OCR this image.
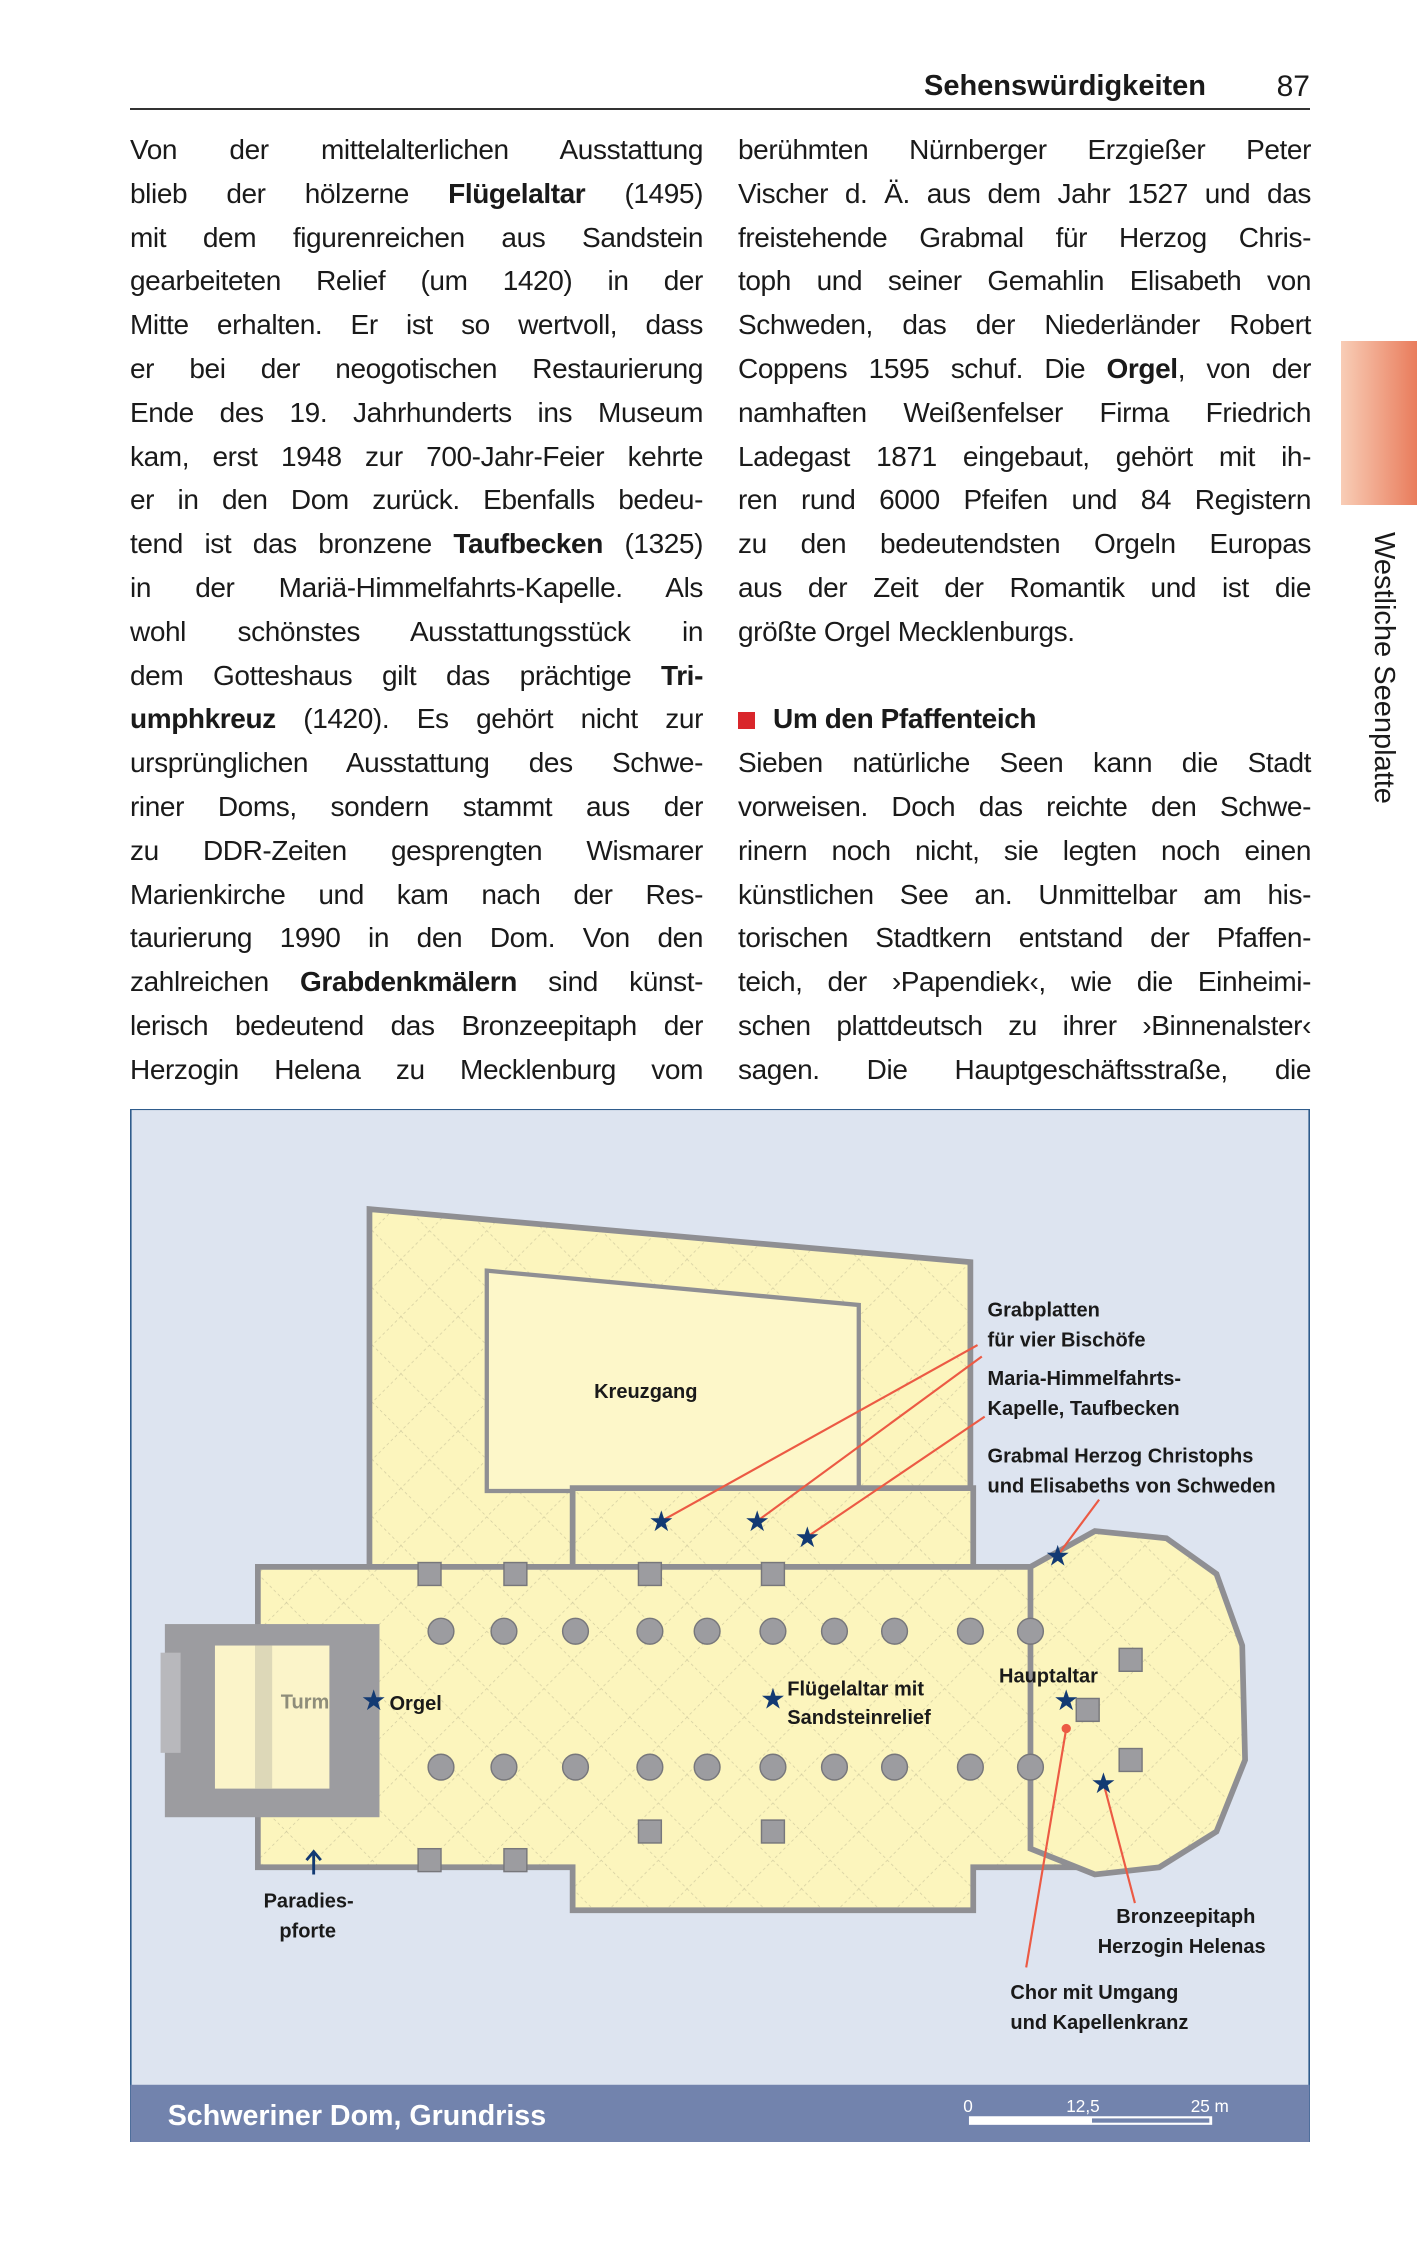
Sehenswürdigkeiten 87
Von der mittelalterlichen Ausstattung
blieb der hölzerne Flügelaltar (1495)
mit dem figurenreichen aus Sandstein
gearbeiteten Relief (um 1420) in der
Mitte erhalten. Er ist so wertvoll, dass
er bei der neogotischen Restaurierung
Ende des 19. Jahrhunderts ins Museum
kam, erst 1948 zur 700-Jahr-Feier kehrte
er in den Dom zurück. Ebenfalls bedeu-
tend ist das bronzene Taufbecken (1325)
in der Mariä-Himmelfahrts-Kapelle. Als
wohl schönstes Ausstattungsstück in
dem Gotteshaus gilt das prächtige Tri-
umphkreuz (1420). Es gehört nicht zur
ursprünglichen Ausstattung des Schwe-
riner Doms, sondern stammt aus der
zu DDR-Zeiten gesprengten Wismarer
Marienkirche und kam nach der Res-
taurierung 1990 in den Dom. Von den
zahlreichen Grabdenkmälern sind künst-
lerisch bedeutend das Bronzeepitaph der
Herzogin Helena zu Mecklenburg vom
berühmten Nürnberger Erzgießer Peter
Vischer d. Ä. aus dem Jahr 1527 und das
freistehende Grabmal für Herzog Chris-
toph und seiner Gemahlin Elisabeth von
Schweden, das der Niederländer Robert
Coppens 1595 schuf. Die Orgel, von der
namhaften Weißenfelser Firma Friedrich
Ladegast 1871 eingebaut, gehört mit ih-
ren rund 6000 Pfeifen und 84 Registern
zu den bedeutendsten Orgeln Europas
aus der Zeit der Romantik und ist die
größte Orgel Mecklenburgs.
Um den Pfaffenteich
Sieben natürliche Seen kann die Stadt
vorweisen. Doch das reichte den Schwe-
rinern noch nicht, sie legten noch einen
künstlichen See an. Unmittelbar am his-
torischen Stadtkern entstand der Pfaffen-
teich, der ›Papendiek‹, wie die Einheimi-
schen plattdeutsch zu ihrer ›Binnenalster‹
sagen. Die Hauptgeschäftsstraße, die
Westliche Seenplatte
★	★ ★
★
★	★	★
★
Kreuzgang
Turm	Orgel
Grabplatten
für vier Bischöfe
Maria-Himmelfahrts-
Kapelle, Taufbecken
Grabmal Herzog Christophs
und Elisabeths von Schweden
Flügelaltar mit
Sandsteinrelief
Hauptaltar
Paradies-
pforte
Bronzeepitaph
Herzogin Helenas
Chor mit Umgang
und Kapellenkranz
Schweriner Dom, Grundriss	0	12,5	25 m
